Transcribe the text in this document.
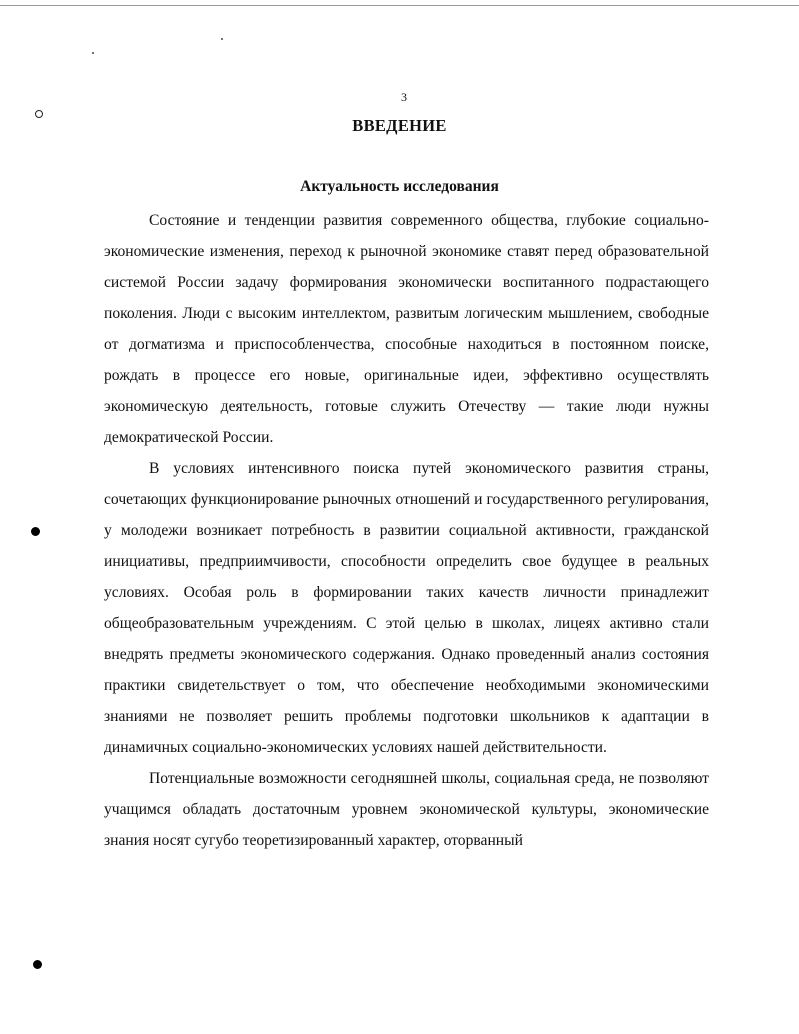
3
ВВЕДЕНИЕ
Актуальность исследования

Состояние и тенденции развития современного общества, глубокие социально-экономические изменения, переход к рыночной экономике ставят перед образовательной системой России задачу формирования экономически воспитанного подрастающего поколения. Люди с высоким интеллектом, развитым логическим мышлением, свободные от догматизма и приспособленчества, способные находиться в постоянном поиске, рождать в процессе его новые, оригинальные идеи, эффективно осуществлять экономическую деятельность, готовые служить Отечеству — такие люди нужны демократической России.

В условиях интенсивного поиска путей экономического развития страны, сочетающих функционирование рыночных отношений и государственного регулирования, у молодежи возникает потребность в развитии социальной активности, гражданской инициативы, предприимчивости, способности определить свое будущее в реальных условиях. Особая роль в формировании таких качеств личности принадлежит общеобразовательным учреждениям. С этой целью в школах, лицеях активно стали внедрять предметы экономического содержания. Однако проведенный анализ состояния практики свидетельствует о том, что обеспечение необходимыми экономическими знаниями не позволяет решить проблемы подготовки школьников к адаптации в динамичных социально-экономических условиях нашей действительности.

Потенциальные возможности сегодняшней школы, социальная среда, не позволяют учащимся обладать достаточным уровнем экономической культуры, экономические знания носят сугубо теоретизированный характер, оторванный
